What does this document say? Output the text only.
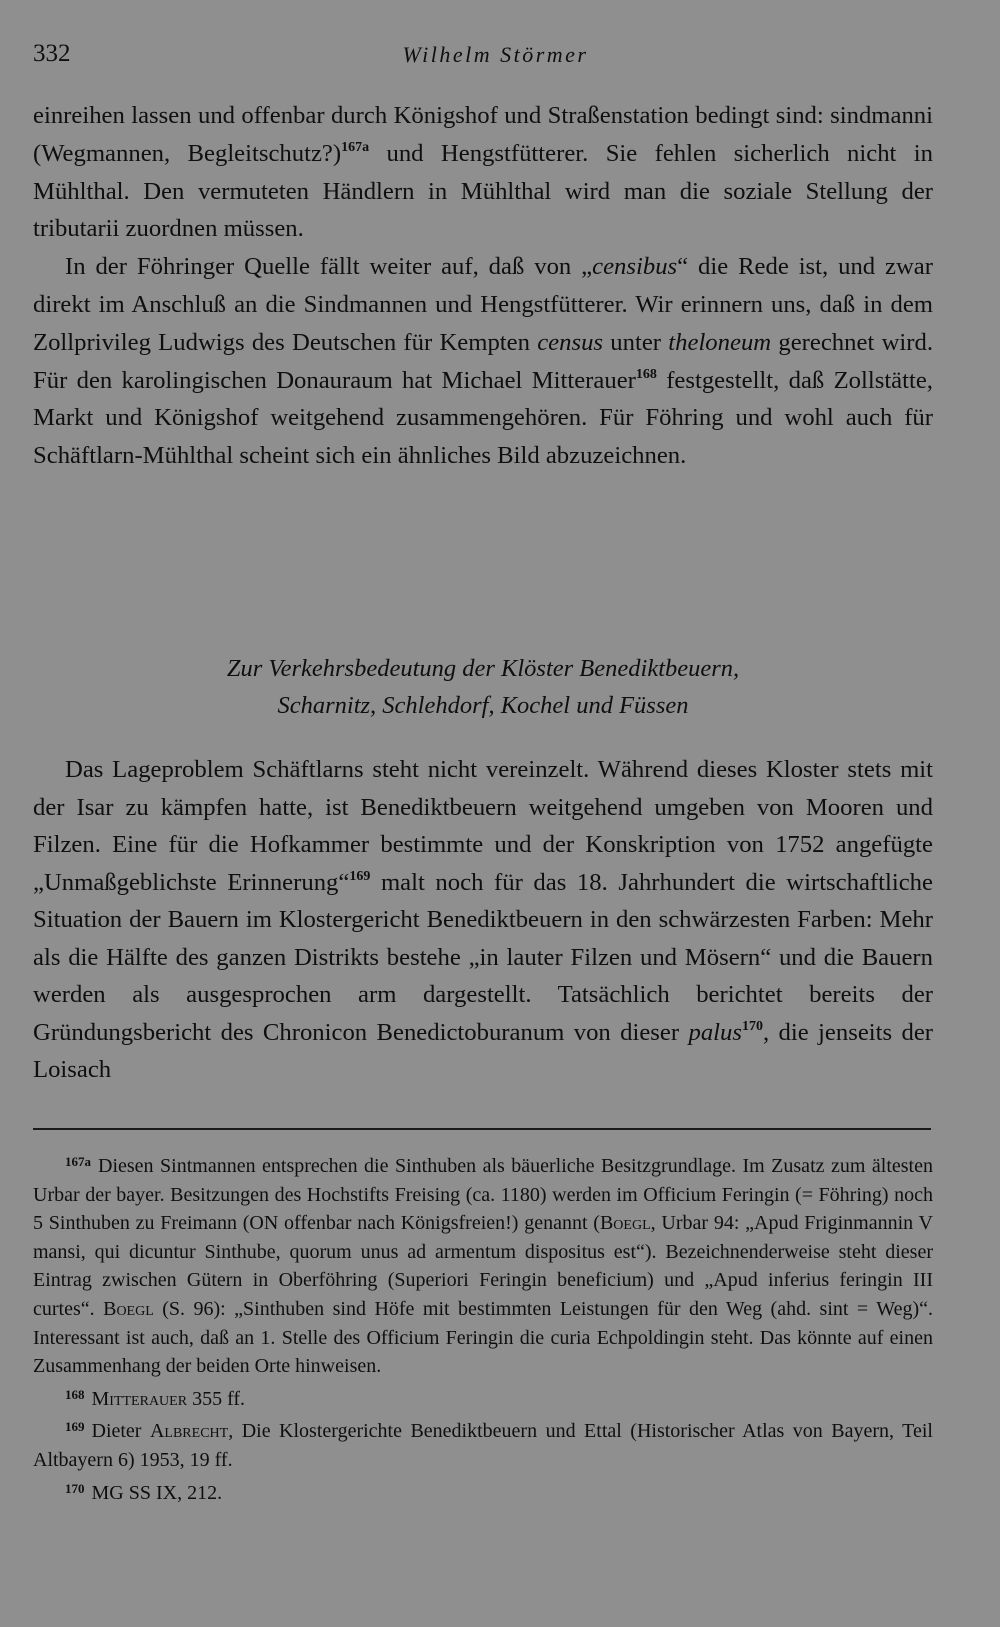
332	Wilhelm Störmer

einreihen lassen und offenbar durch Königshof und Straßenstation bedingt sind: sindmanni (Wegmannen, Begleitschutz?)$^{167a}$ und Hengstfütterer. Sie fehlen sicherlich nicht in Mühlthal. Den vermuteten Händlern in Mühlthal wird man die soziale Stellung der tributarii zuordnen müssen.

In der Föhringer Quelle fällt weiter auf, daß von „censibus“ die Rede ist, und zwar direkt im Anschluß an die Sindmannen und Hengstfütterer. Wir erinnern uns, daß in dem Zollprivileg Ludwigs des Deutschen für Kempten census unter theloneum gerechnet wird. Für den karolingischen Donauraum hat Michael Mitterauer$^{168}$ festgestellt, daß Zollstätte, Markt und Königshof weitgehend zusammengehören. Für Föhring und wohl auch für Schäftlarn-Mühlthal scheint sich ein ähnliches Bild abzuzeichnen.

Zur Verkehrsbedeutung der Klöster Benediktbeuern,
Scharnitz, Schlehdorf, Kochel und Füssen

Das Lageproblem Schäftlarns steht nicht vereinzelt. Während dieses Kloster stets mit der Isar zu kämpfen hatte, ist Benediktbeuern weitgehend umgeben von Mooren und Filzen. Eine für die Hofkammer bestimmte und der Konskription von 1752 angefügte „Unmaßgeblichste Erinnerung“$^{169}$ malt noch für das 18. Jahrhundert die wirtschaftliche Situation der Bauern im Klostergericht Benediktbeuern in den schwärzesten Farben: Mehr als die Hälfte des ganzen Distrikts bestehe „in lauter Filzen und Mösern“ und die Bauern werden als ausgesprochen arm dargestellt. Tatsächlich berichtet bereits der Gründungsbericht des Chronicon Benedictoburanum von dieser palus$^{170}$, die jenseits der Loisach

$^{167a}$ Diesen Sintmannen entsprechen die Sinthuben als bäuerliche Besitzgrundlage. Im Zusatz zum ältesten Urbar der bayer. Besitzungen des Hochstifts Freising (ca. 1180) werden im Officium Feringin (= Föhring) noch 5 Sinthuben zu Freimann (ON offenbar nach Königsfreien!) genannt (Boegl, Urbar 94: „Apud Friginmannin V mansi, qui dicuntur Sinthube, quorum unus ad armentum dispositus est“). Bezeichnenderweise steht dieser Eintrag zwischen Gütern in Oberföhring (Superiori Feringin beneficium) und „Apud inferius feringin III curtes“. Boegl (S. 96): „Sinthuben sind Höfe mit bestimmten Leistungen für den Weg (ahd. sint = Weg)“. Interessant ist auch, daß an 1. Stelle des Officium Feringin die curia Echpoldingin steht. Das könnte auf einen Zusammenhang der beiden Orte hinweisen.

$^{168}$ Mitterauer 355 ff.

$^{169}$ Dieter Albrecht, Die Klostergerichte Benediktbeuern und Ettal (Historischer Atlas von Bayern, Teil Altbayern 6) 1953, 19 ff.

$^{170}$ MG SS IX, 212.
